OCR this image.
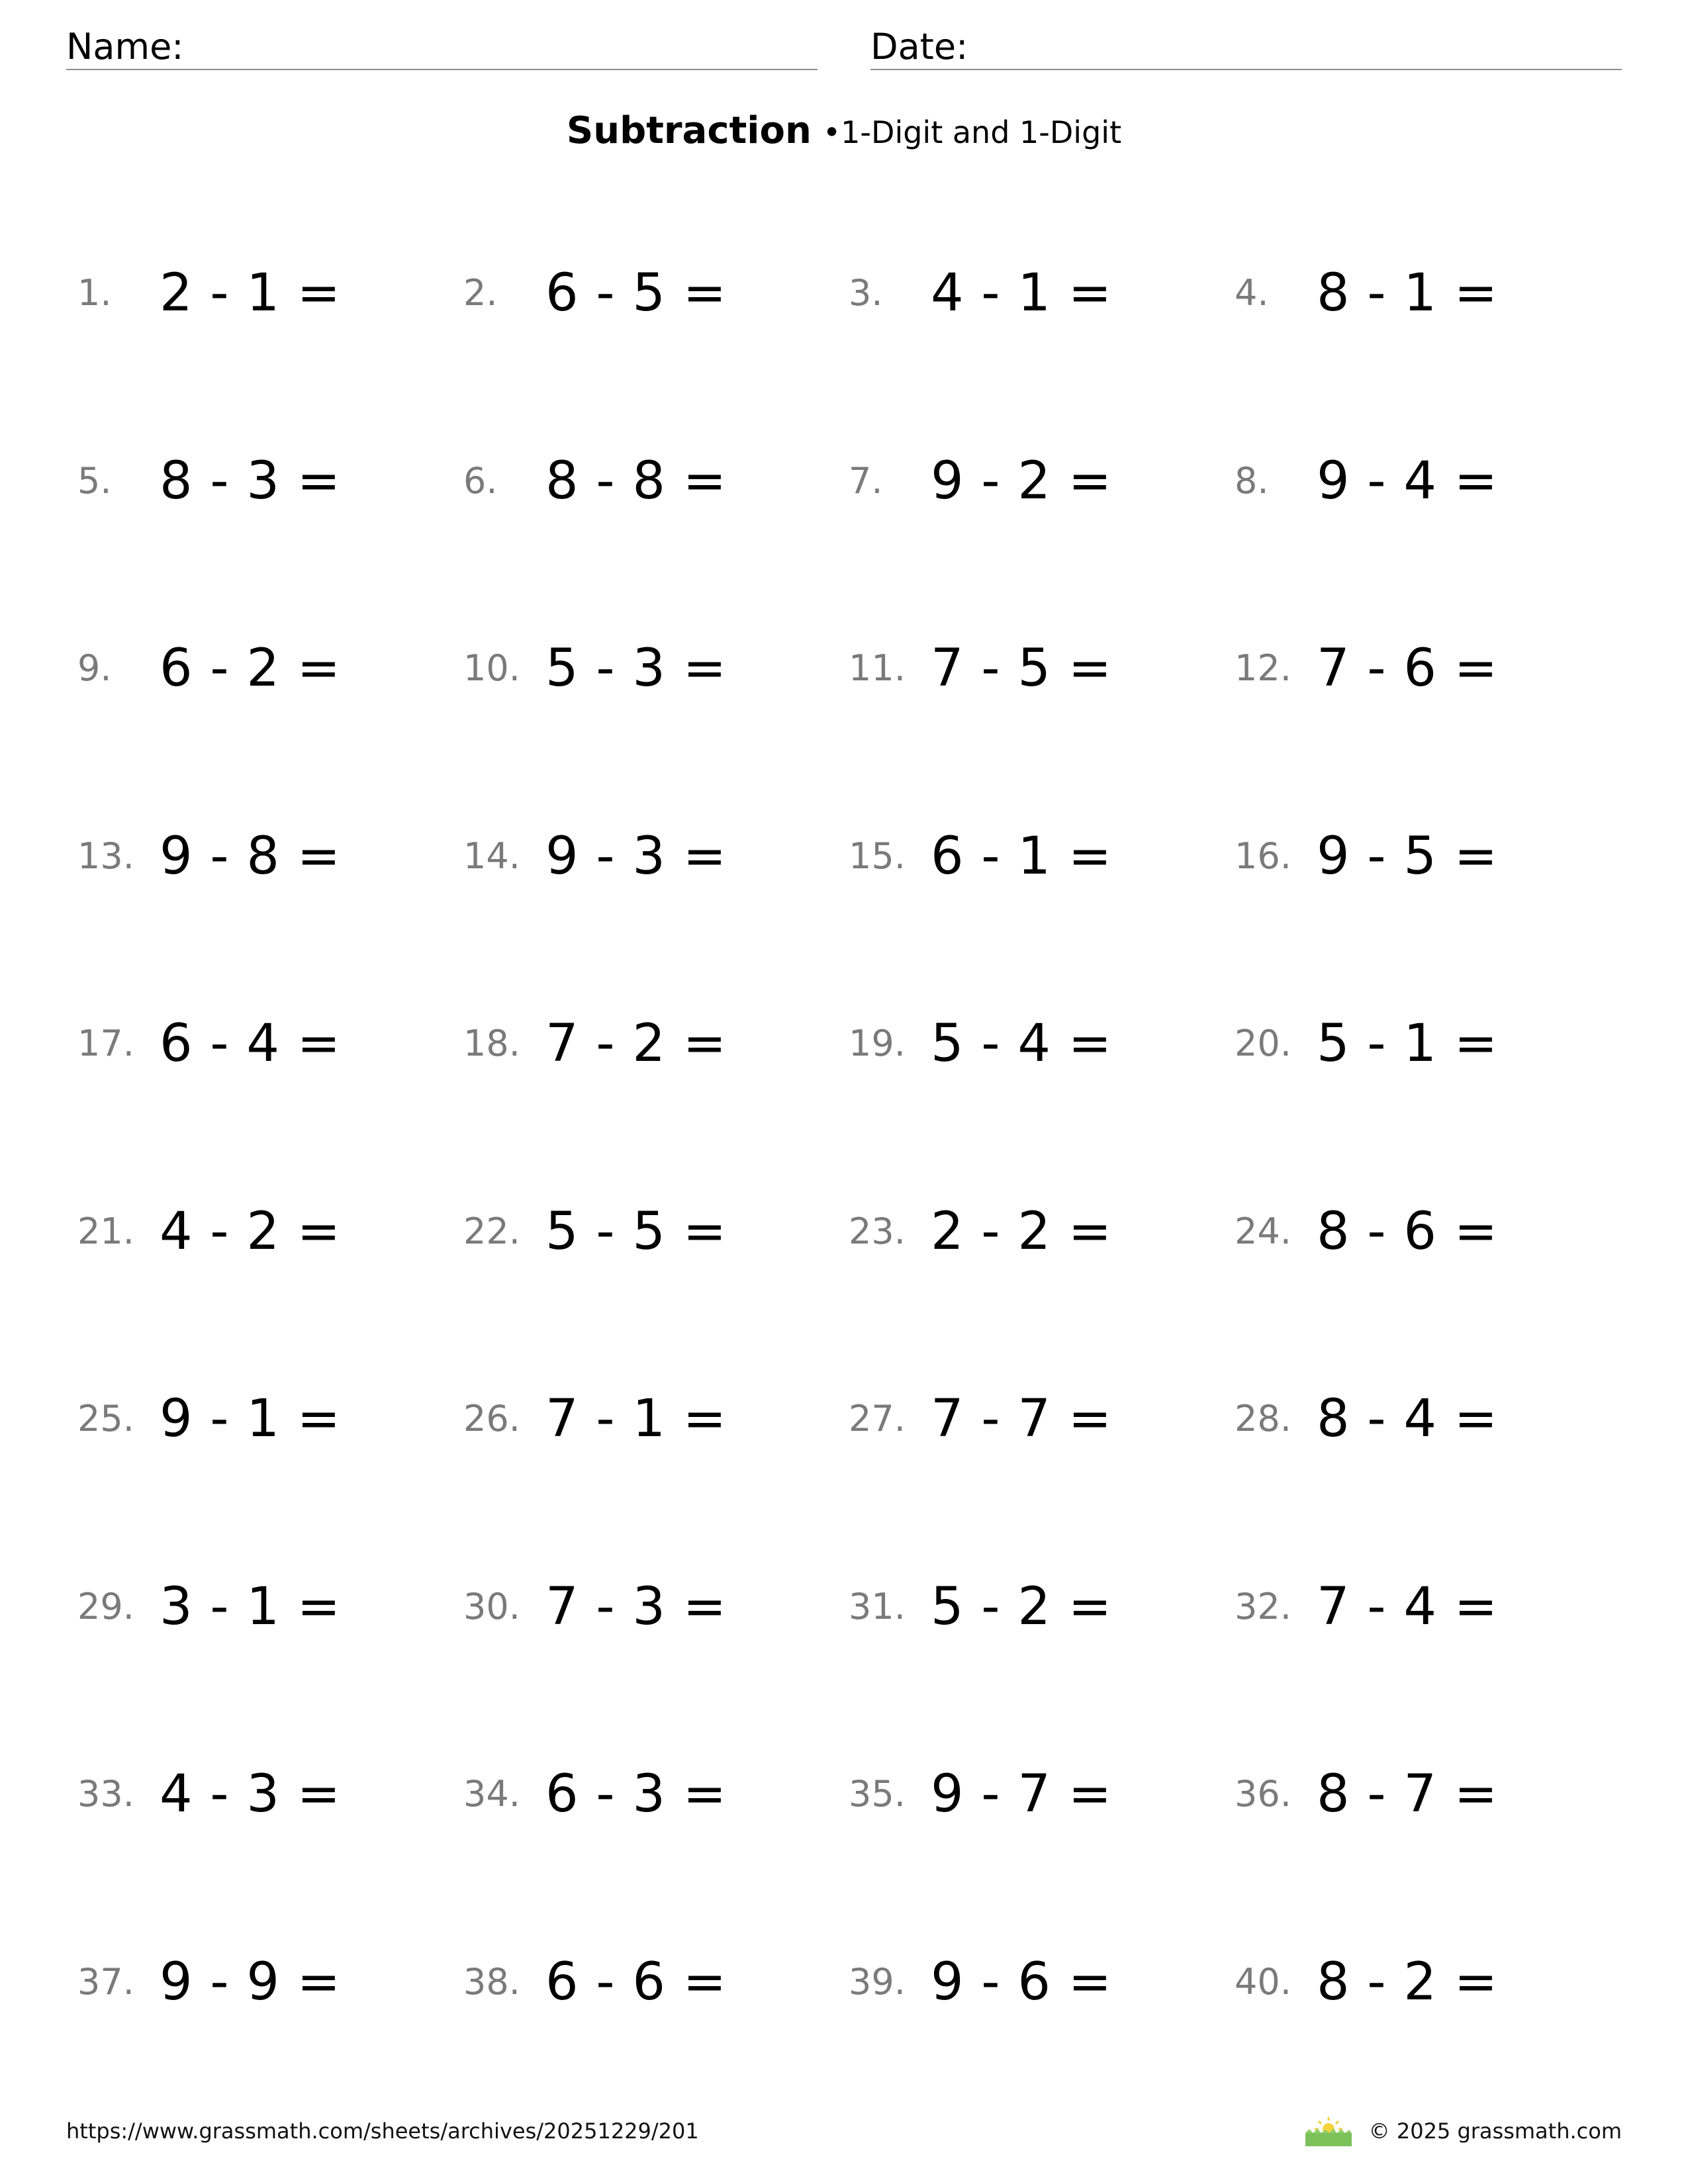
Name:	Date:
Subtraction •1-Digit and 1-Digit
1. 2 - 1 =	2. 6 - 5 =	3. 4 - 1 =	4. 8 - 1 =
5. 8 - 3 =	6. 8 - 8 =	7. 9 - 2 =	8. 9 - 4 =
9. 6 - 2 =	10. 5 - 3 =	11. 7 - 5 =	12. 7 - 6 =
13. 9 - 8 =	14. 9 - 3 =	15. 6 - 1 =	16. 9 - 5 =
17. 6 - 4 =	18. 7 - 2 =	19. 5 - 4 =	20. 5 - 1 =
21. 4 - 2 =	22. 5 - 5 =	23. 2 - 2 =	24. 8 - 6 =
25. 9 - 1 =	26. 7 - 1 =	27. 7 - 7 =	28. 8 - 4 =
29. 3 - 1 =	30. 7 - 3 =	31. 5 - 2 =	32. 7 - 4 =
33. 4 - 3 =	34. 6 - 3 =	35. 9 - 7 =	36. 8 - 7 =
37. 9 - 9 =	38. 6 - 6 =	39. 9 - 6 =	40. 8 - 2 =
https://www.grassmath.com/sheets/archives/20251229/201	© 2025 grassmath.com
